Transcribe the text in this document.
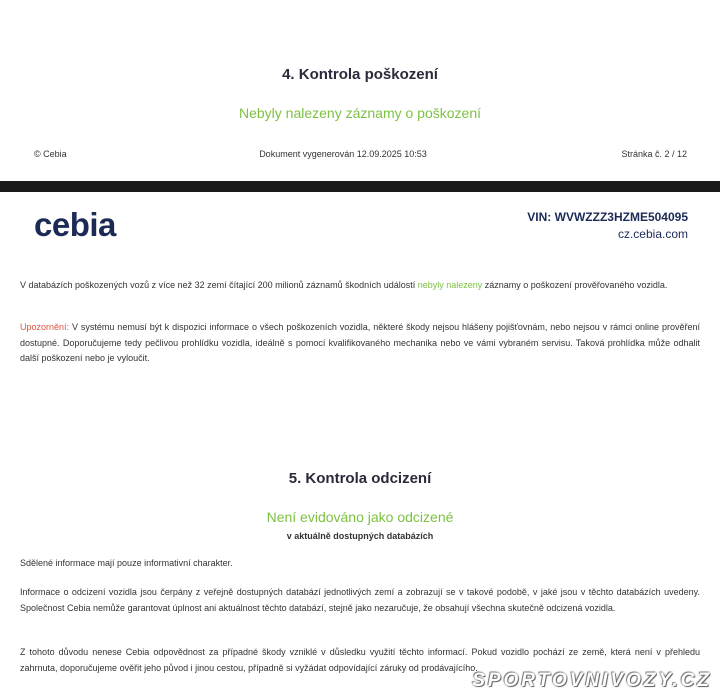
4. Kontrola poškození
Nebyly nalezeny záznamy o poškození
© Cebia	Dokument vygenerován 12.09.2025 10:53	Stránka č. 2 / 12
cebia	VIN: WVWZZZ3HZME504095
cz.cebia.com
V databázích poškozených vozů z více než 32 zemí čítající 200 milionů záznamů škodních událostí nebyly nalezeny záznamy o poškození prověřovaného vozidla.
Upozornění: V systému nemusí být k dispozici informace o všech poškozeních vozidla, některé škody nejsou hlášeny pojišťovnám, nebo nejsou v rámci online prověření dostupné. Doporučujeme tedy pečlivou prohlídku vozidla, ideálně s pomocí kvalifikovaného mechanika nebo ve vámi vybraném servisu. Taková prohlídka může odhalit další poškození nebo je vyloučit.
5. Kontrola odcizení
Není evidováno jako odcizené
v aktuálně dostupných databázích
Sdělené informace mají pouze informativní charakter.
Informace o odcizení vozidla jsou čerpány z veřejně dostupných databází jednotlivých zemí a zobrazují se v takové podobě, v jaké jsou v těchto databázích uvedeny. Společnost Cebia nemůže garantovat úplnost ani aktuálnost těchto databází, stejně jako nezaručuje, že obsahují všechna skutečně odcizená vozidla.
Z tohoto důvodu nenese Cebia odpovědnost za případné škody vzniklé v důsledku využití těchto informací. Pokud vozidlo pochází ze země, která není v přehledu zahrnuta, doporučujeme ověřit jeho původ i jinou cestou, případně si vyžádat odpovídající záruky od prodávajícího.
SPORTOVNIVOZY.CZ
